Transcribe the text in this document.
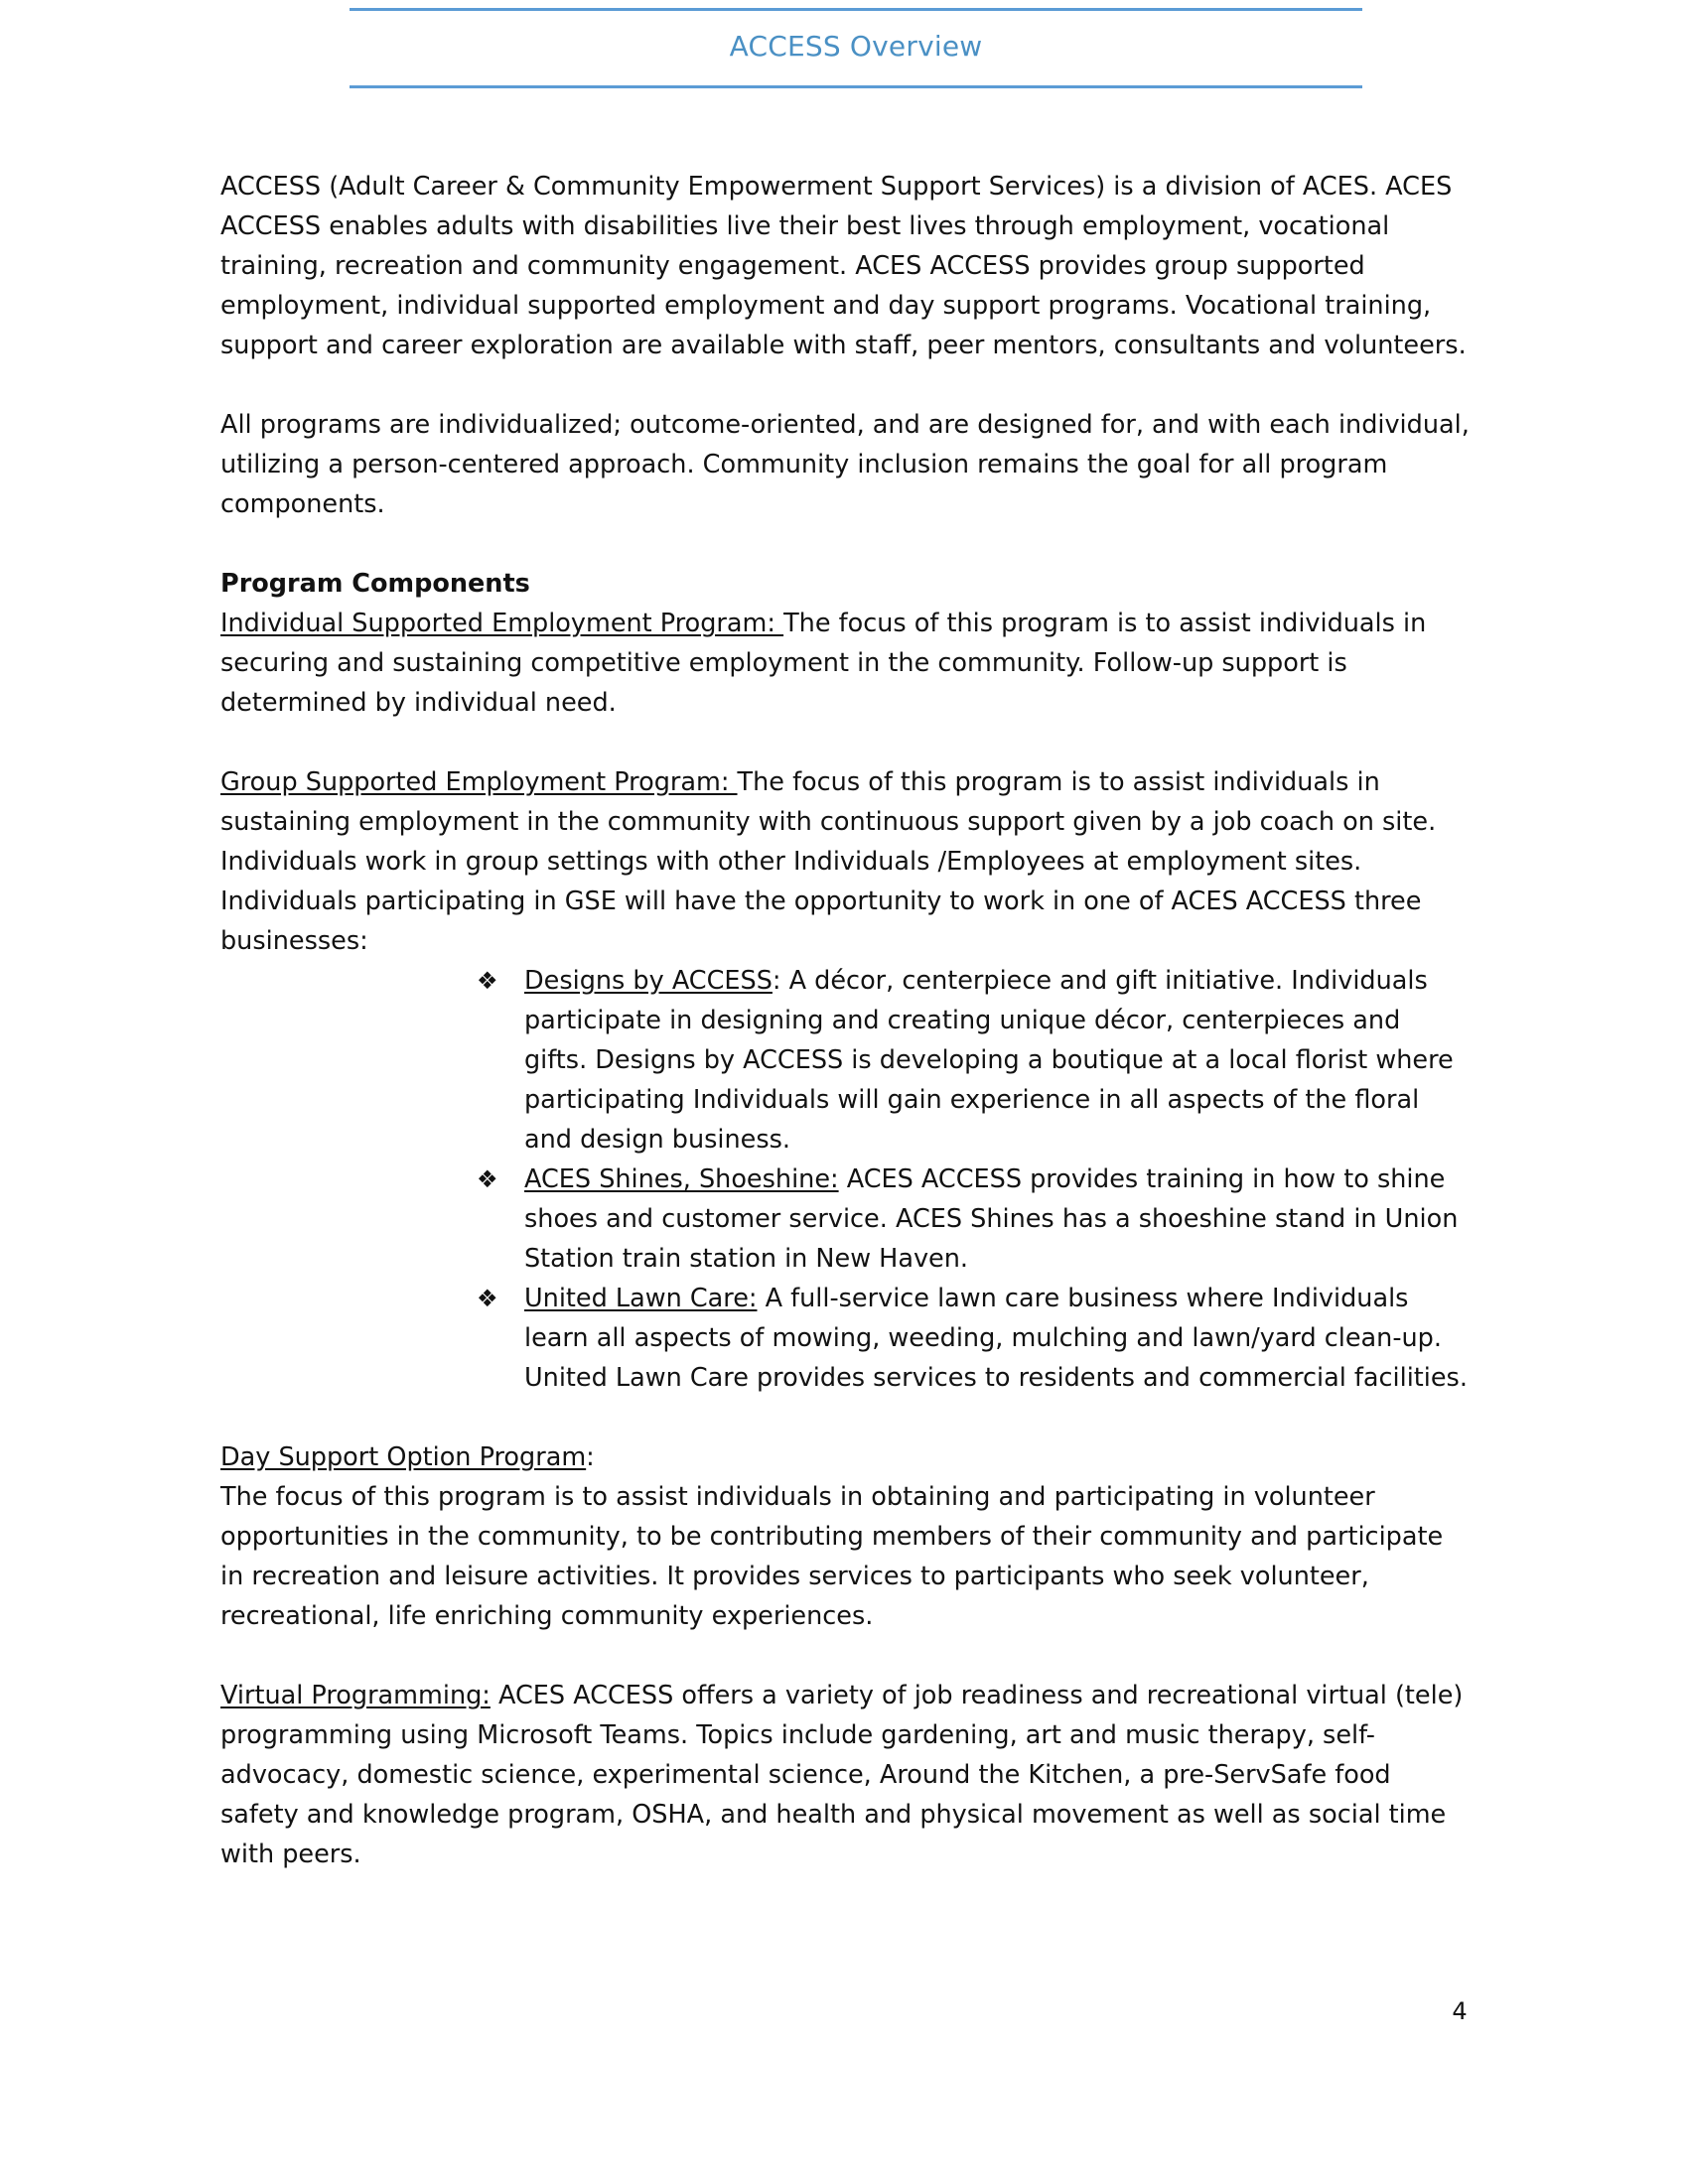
ACCESS Overview

ACCESS (Adult Career & Community Empowerment Support Services) is a division of ACES. ACES ACCESS enables adults with disabilities live their best lives through employment, vocational training, recreation and community engagement. ACES ACCESS provides group supported employment, individual supported employment and day support programs. Vocational training, support and career exploration are available with staff, peer mentors, consultants and volunteers.

All programs are individualized; outcome-oriented, and are designed for, and with each individual, utilizing a person-centered approach. Community inclusion remains the goal for all program components.

Program Components

Individual Supported Employment Program: The focus of this program is to assist individuals in securing and sustaining competitive employment in the community. Follow-up support is determined by individual need.

Group Supported Employment Program: The focus of this program is to assist individuals in sustaining employment in the community with continuous support given by a job coach on site. Individuals work in group settings with other Individuals /Employees at employment sites. Individuals participating in GSE will have the opportunity to work in one of ACES ACCESS three businesses:

❖ Designs by ACCESS: A décor, centerpiece and gift initiative. Individuals participate in designing and creating unique décor, centerpieces and gifts. Designs by ACCESS is developing a boutique at a local florist where participating Individuals will gain experience in all aspects of the floral and design business.
❖ ACES Shines, Shoeshine: ACES ACCESS provides training in how to shine shoes and customer service. ACES Shines has a shoeshine stand in Union Station train station in New Haven.
❖ United Lawn Care: A full-service lawn care business where Individuals learn all aspects of mowing, weeding, mulching and lawn/yard clean-up. United Lawn Care provides services to residents and commercial facilities.

Day Support Option Program:

The focus of this program is to assist individuals in obtaining and participating in volunteer opportunities in the community, to be contributing members of their community and participate in recreation and leisure activities. It provides services to participants who seek volunteer, recreational, life enriching community experiences.

Virtual Programming: ACES ACCESS offers a variety of job readiness and recreational virtual (tele) programming using Microsoft Teams. Topics include gardening, art and music therapy, self-advocacy, domestic science, experimental science, Around the Kitchen, a pre-ServSafe food safety and knowledge program, OSHA, and health and physical movement as well as social time with peers.

4
